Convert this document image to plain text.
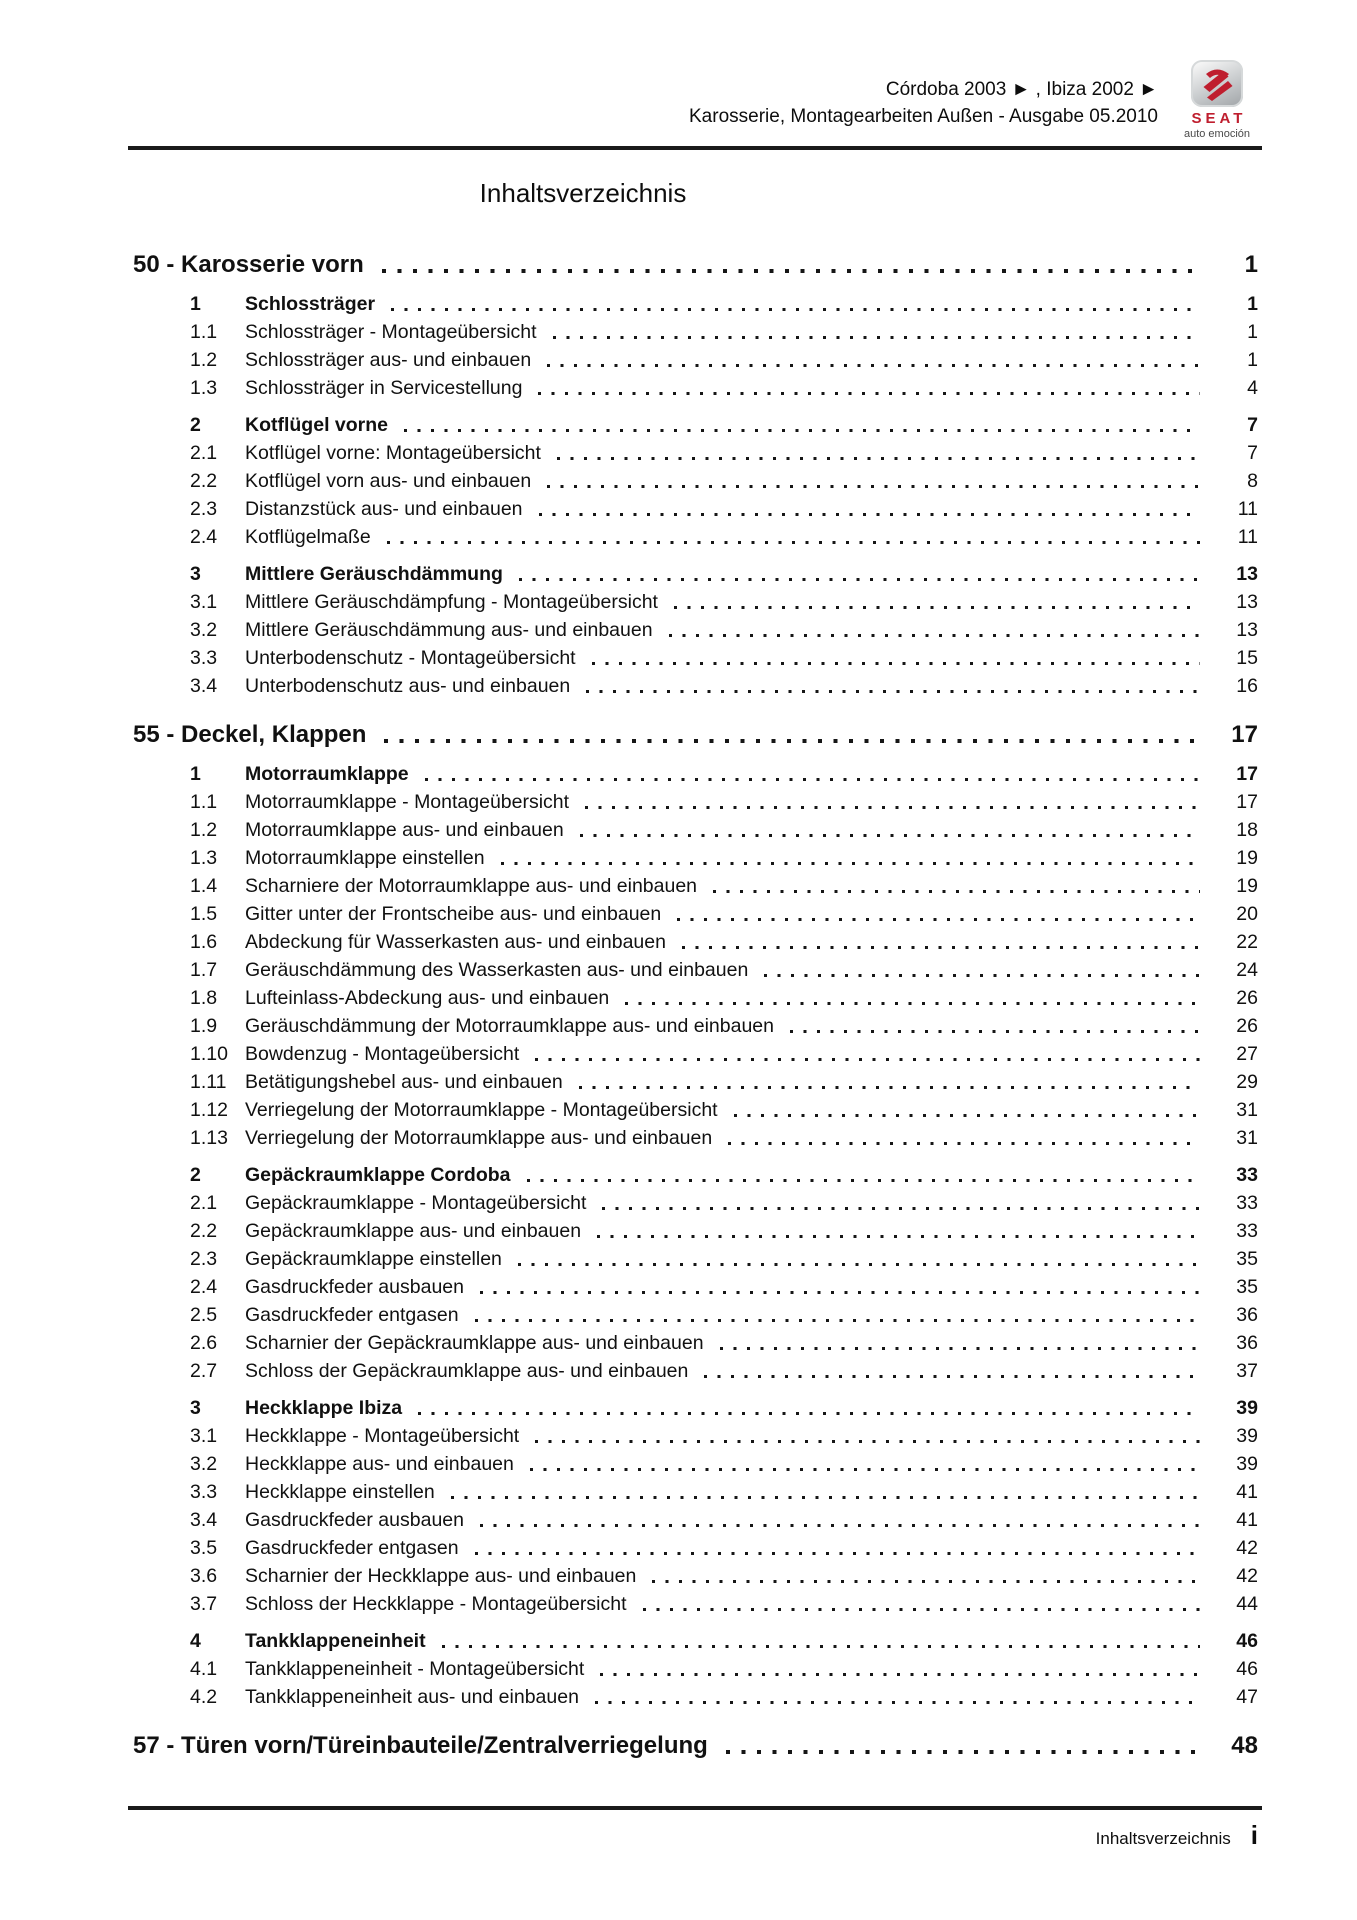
Córdoba 2003 ► , Ibiza 2002 ►
Karosserie, Montagearbeiten Außen - Ausgabe 05.2010	SEAT
auto emoción
Inhaltsverzeichnis
50 - Karosserie vorn	1
1	Schlossträger	1
1.1	Schlossträger - Montageübersicht	1
1.2	Schlossträger aus- und einbauen	1
1.3	Schlossträger in Servicestellung	4
2	Kotflügel vorne	7
2.1	Kotflügel vorne: Montageübersicht	7
2.2	Kotflügel vorn aus- und einbauen	8
2.3	Distanzstück aus- und einbauen	11
2.4	Kotflügelmaße	11
3	Mittlere Geräuschdämmung	13
3.1	Mittlere Geräuschdämpfung - Montageübersicht	13
3.2	Mittlere Geräuschdämmung aus- und einbauen	13
3.3	Unterbodenschutz - Montageübersicht	15
3.4	Unterbodenschutz aus- und einbauen	16
55 - Deckel, Klappen	17
1	Motorraumklappe	17
1.1	Motorraumklappe - Montageübersicht	17
1.2	Motorraumklappe aus- und einbauen	18
1.3	Motorraumklappe einstellen	19
1.4	Scharniere der Motorraumklappe aus- und einbauen	19
1.5	Gitter unter der Frontscheibe aus- und einbauen	20
1.6	Abdeckung für Wasserkasten aus- und einbauen	22
1.7	Geräuschdämmung des Wasserkasten aus- und einbauen	24
1.8	Lufteinlass-Abdeckung aus- und einbauen	26
1.9	Geräuschdämmung der Motorraumklappe aus- und einbauen	26
1.10 Bowdenzug - Montageübersicht	27
1.11 Betätigungshebel aus- und einbauen	29
1.12 Verriegelung der Motorraumklappe - Montageübersicht	31
1.13 Verriegelung der Motorraumklappe aus- und einbauen	31
2	Gepäckraumklappe Cordoba	33
2.1	Gepäckraumklappe - Montageübersicht	33
2.2	Gepäckraumklappe aus- und einbauen	33
2.3	Gepäckraumklappe einstellen	35
2.4	Gasdruckfeder ausbauen	35
2.5	Gasdruckfeder entgasen	36
2.6	Scharnier der Gepäckraumklappe aus- und einbauen	36
2.7	Schloss der Gepäckraumklappe aus- und einbauen	37
3	Heckklappe Ibiza	39
3.1	Heckklappe - Montageübersicht	39
3.2	Heckklappe aus- und einbauen	39
3.3	Heckklappe einstellen	41
3.4	Gasdruckfeder ausbauen	41
3.5	Gasdruckfeder entgasen	42
3.6	Scharnier der Heckklappe aus- und einbauen	42
3.7	Schloss der Heckklappe - Montageübersicht	44
4	Tankklappeneinheit	46
4.1	Tankklappeneinheit - Montageübersicht	46
4.2	Tankklappeneinheit aus- und einbauen	47
57 - Türen vorn/Türeinbauteile/Zentralverriegelung	48
Inhaltsverzeichnis i
